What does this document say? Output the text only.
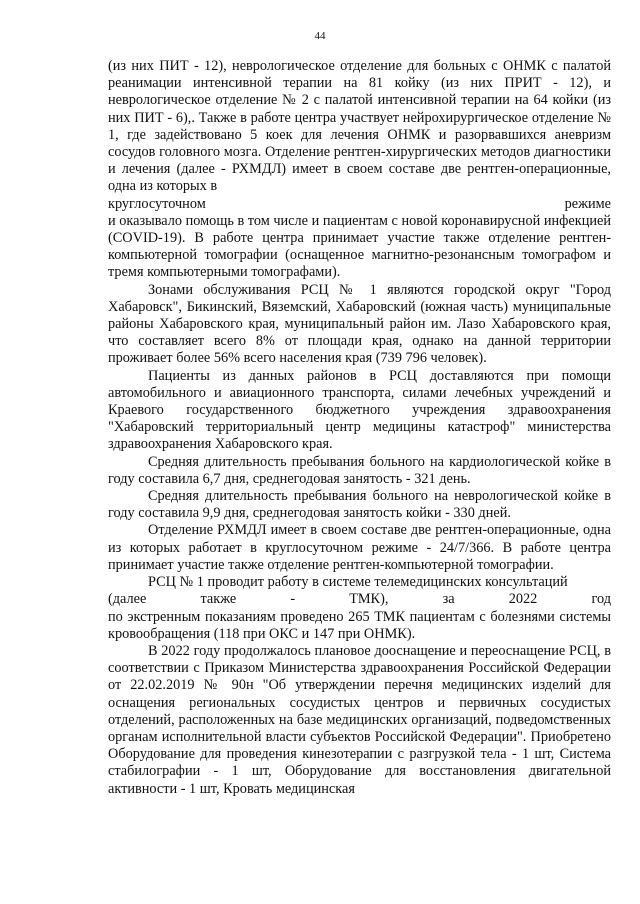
44

(из них ПИТ - 12), неврологическое отделение для больных с ОНМК с палатой реанимации интенсивной терапии на 81 койку (из них ПРИТ - 12), и неврологическое отделение № 2 с палатой интенсивной терапии на 64 койки (из них ПИТ - 6),. Также в работе центра участвует нейрохирургическое отделение № 1, где задействовано 5 коек для лечения ОНМК и разорвавшихся аневризм сосудов головного мозга. Отделение рентген-хирургических методов диагностики и лечения (далее - РХМДЛ) имеет в своем составе две рентген-операционные, одна из которых в

круглосуточном режиме

и оказывало помощь в том числе и пациентам с новой коронавирусной инфекцией (COVID-19). В работе центра принимает участие также отделение рентген-компьютерной томографии (оснащенное магнитно-резонансным томографом и тремя компьютерными томографами).

Зонами обслуживания РСЦ № 1 являются городской округ "Город Хабаровск", Бикинский, Вяземский, Хабаровский (южная часть) муниципальные районы Хабаровского края, муниципальный район им. Лазо Хабаровского края, что составляет всего 8% от площади края, однако на данной территории проживает более 56% всего населения края (739 796 человек).

Пациенты из данных районов в РСЦ доставляются при помощи автомобильного и авиационного транспорта, силами лечебных учреждений и Краевого государственного бюджетного учреждения здравоохранения "Хабаровский территориальный центр медицины катастроф" министерства здравоохранения Хабаровского края.

Средняя длительность пребывания больного на кардиологической койке в году составила 6,7 дня, среднегодовая занятость - 321 день.

Средняя длительность пребывания больного на неврологической койке в году составила 9,9 дня, среднегодовая занятость койки - 330 дней.

Отделение РХМДЛ имеет в своем составе две рентген-операционные, одна из которых работает в круглосуточном режиме - 24/7/366. В работе центра принимает участие также отделение рентген-компьютерной томографии.

РСЦ № 1 проводит работу в системе телемедицинских консультаций

(далее также - ТМК), за 2022 год

по экстренным показаниям проведено 265 ТМК пациентам с болезнями системы кровообращения (118 при ОКС и 147 при ОНМК).

В 2022 году продолжалось плановое дооснащение и переоснащение РСЦ, в соответствии с Приказом Министерства здравоохранения Российской Федерации от 22.02.2019 № 90н "Об утверждении перечня медицинских изделий для оснащения региональных сосудистых центров и первичных сосудистых отделений, расположенных на базе медицинских организаций, подведомственных органам исполнительной власти субъектов Российской Федерации". Приобретено Оборудование для проведения кинезотерапии с разгрузкой тела - 1 шт, Система стабилографии - 1 шт, Оборудование для восстановления двигательной активности - 1 шт, Кровать медицинская
